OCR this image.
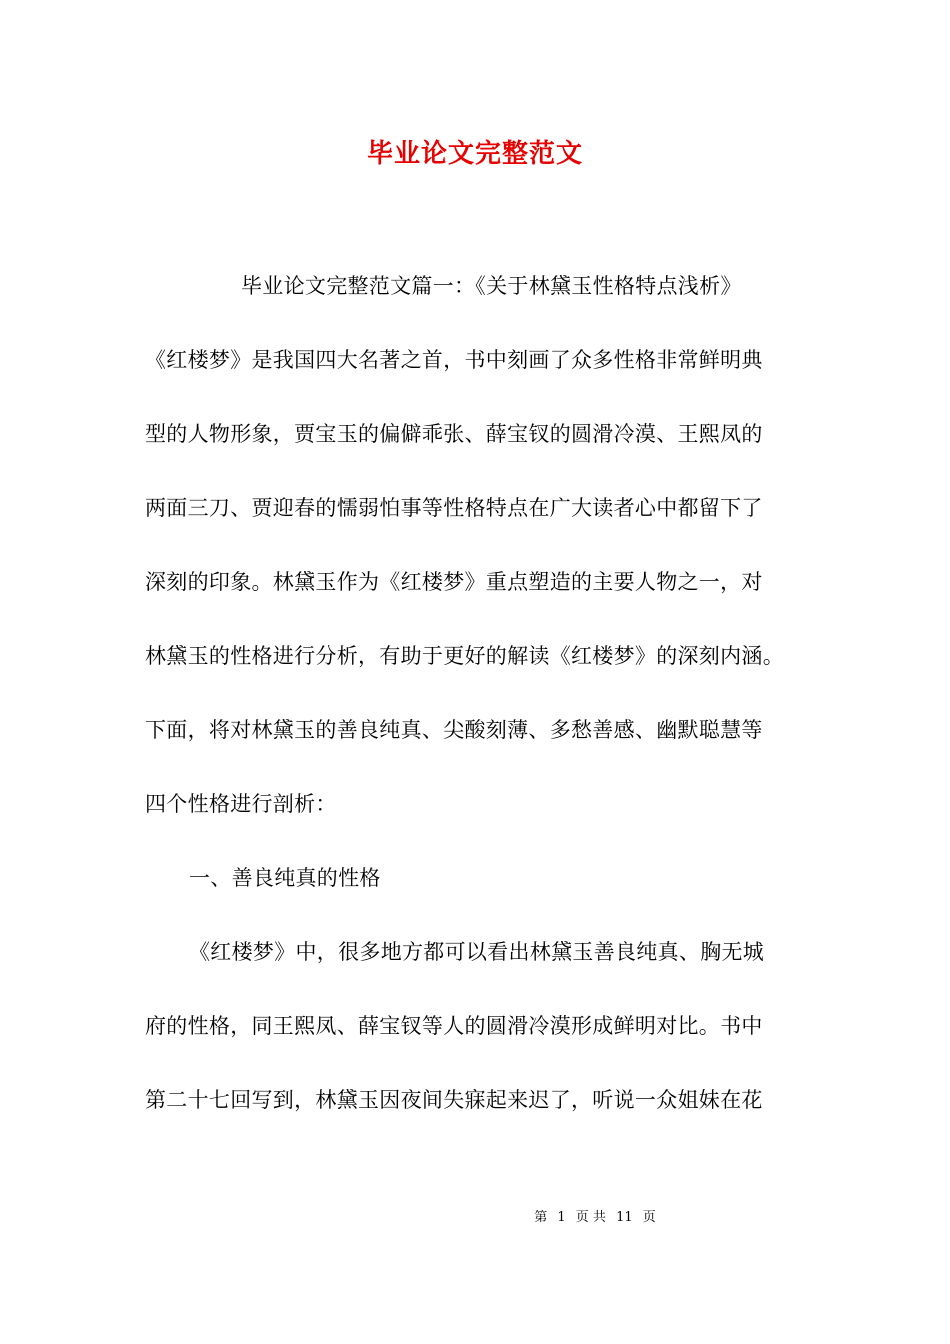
毕业论文完整范文
毕业论文完整范文篇一：《关于林黛玉性格特点浅析》
《红楼梦》是我国四大名著之首，书中刻画了众多性格非常鲜明典
型的人物形象，贾宝玉的偏僻乖张、薛宝钗的圆滑冷漠、王熙凤的
两面三刀、贾迎春的懦弱怕事等性格特点在广大读者心中都留下了
深刻的印象。林黛玉作为《红楼梦》重点塑造的主要人物之一，对
林黛玉的性格进行分析，有助于更好的解读《红楼梦》的深刻内涵。
下面，将对林黛玉的善良纯真、尖酸刻薄、多愁善感、幽默聪慧等
四个性格进行剖析：
一、善良纯真的性格
《红楼梦》中，很多地方都可以看出林黛玉善良纯真、胸无城
府的性格，同王熙凤、薛宝钗等人的圆滑冷漠形成鲜明对比。书中
第二十七回写到，林黛玉因夜间失寐起来迟了，听说一众姐妹在花
第 1 页 共 11 页
